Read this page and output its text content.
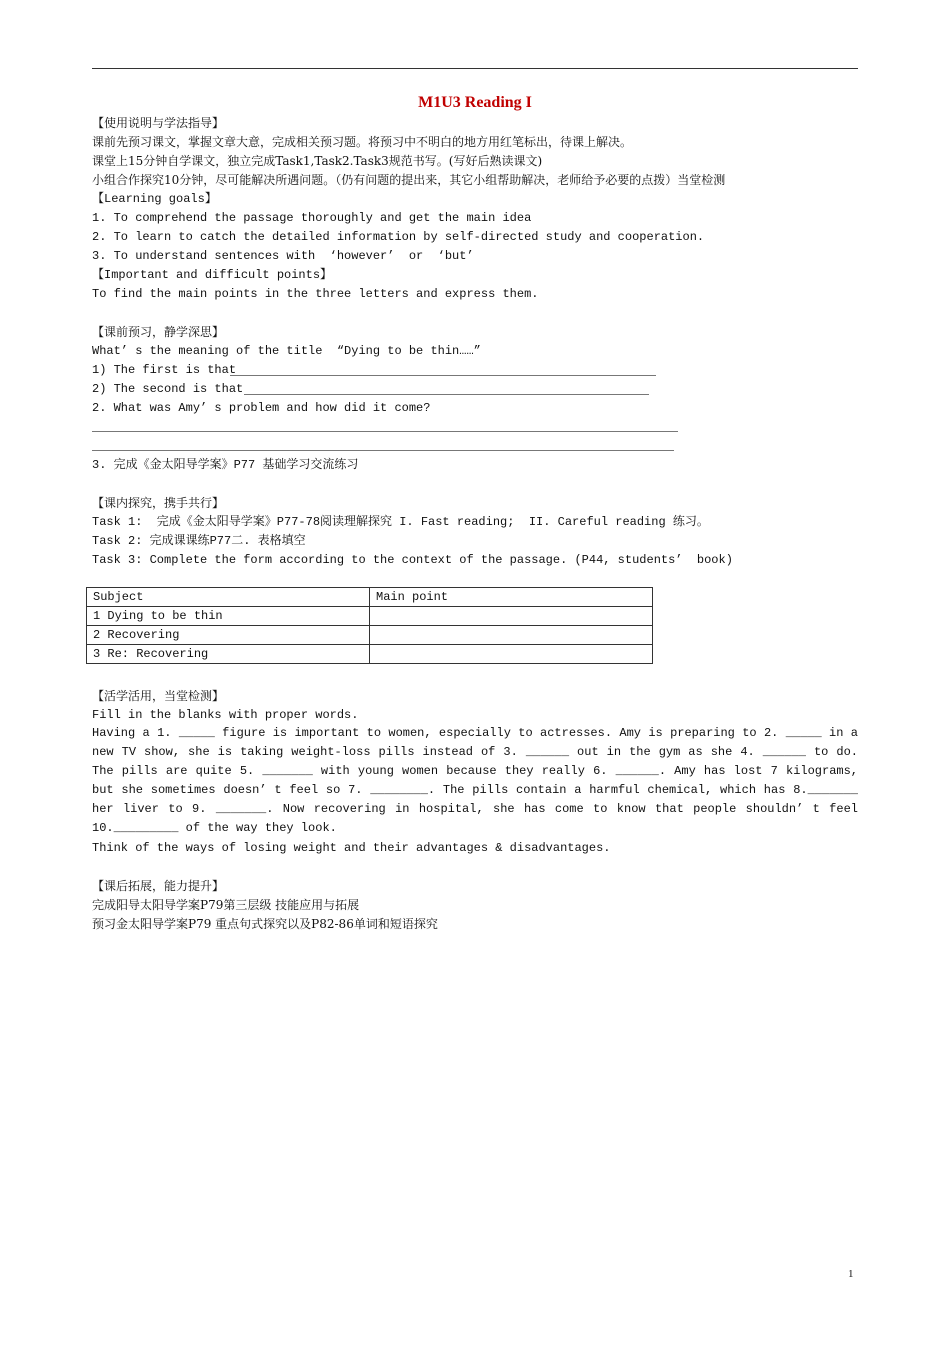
M1U3 Reading I
【使用说明与学法指导】
课前先预习课文，掌握文章大意，完成相关预习题。将预习中不明白的地方用红笔标出，待课上解决。
课堂上15分钟自学课文，独立完成Task1,Task2.Task3规范书写。(写好后熟读课文)
小组合作探究10分钟，尽可能解决所遇问题。（仍有问题的提出来，其它小组帮助解决，老师给予必要的点拨）当堂检测
【Learning goals】
1. To comprehend the passage thoroughly and get the main idea
2. To learn to catch the detailed information by self-directed study and cooperation.
3. To understand sentences with  ‘however’  or  ‘but’
【Important and difficult points】
To find the main points in the three letters and express them.
【课前预习，静学深思】
What’ s the meaning of the title  “Dying to be thin……”
1) The first is that
2) The second is that
2. What was Amy’ s problem and how did it come?
3. 完成《金太阳导学案》P77 基础学习交流练习
【课内探究，携手共行】
Task 1:  完成《金太阳导学案》P77-78阅读理解探究 I. Fast reading;  II. Careful reading 练习。
Task 2: 完成课课练P77二. 表格填空
Task 3: Complete the form according to the context of the passage. (P44, students’  book)
Subject	Main point
1 Dying to be thin	
2 Recovering	
3 Re: Recovering	
【活学活用，当堂检测】
Fill in the blanks with proper words.
Having a 1. _____ figure is important to women, especially to actresses. Amy is preparing to 2. _____ in a new TV show, she is taking weight-loss pills instead of 3. ______ out in the gym as she 4. ______ to do. The pills are quite 5. _______ with young women because they really 6. ______. Amy has lost 7 kilograms, but she sometimes doesn’ t feel so 7. ________. The pills contain a harmful chemical, which has 8._______ her liver to 9. _______. Now recovering in hospital, she has come to know that people shouldn’ t feel 10._________ of the way they look.
Think of the ways of losing weight and their advantages & disadvantages.
【课后拓展，能力提升】
完成阳导太阳导学案P79第三层级 技能应用与拓展
预习金太阳导学案P79 重点句式探究以及P82-86单词和短语探究
1
